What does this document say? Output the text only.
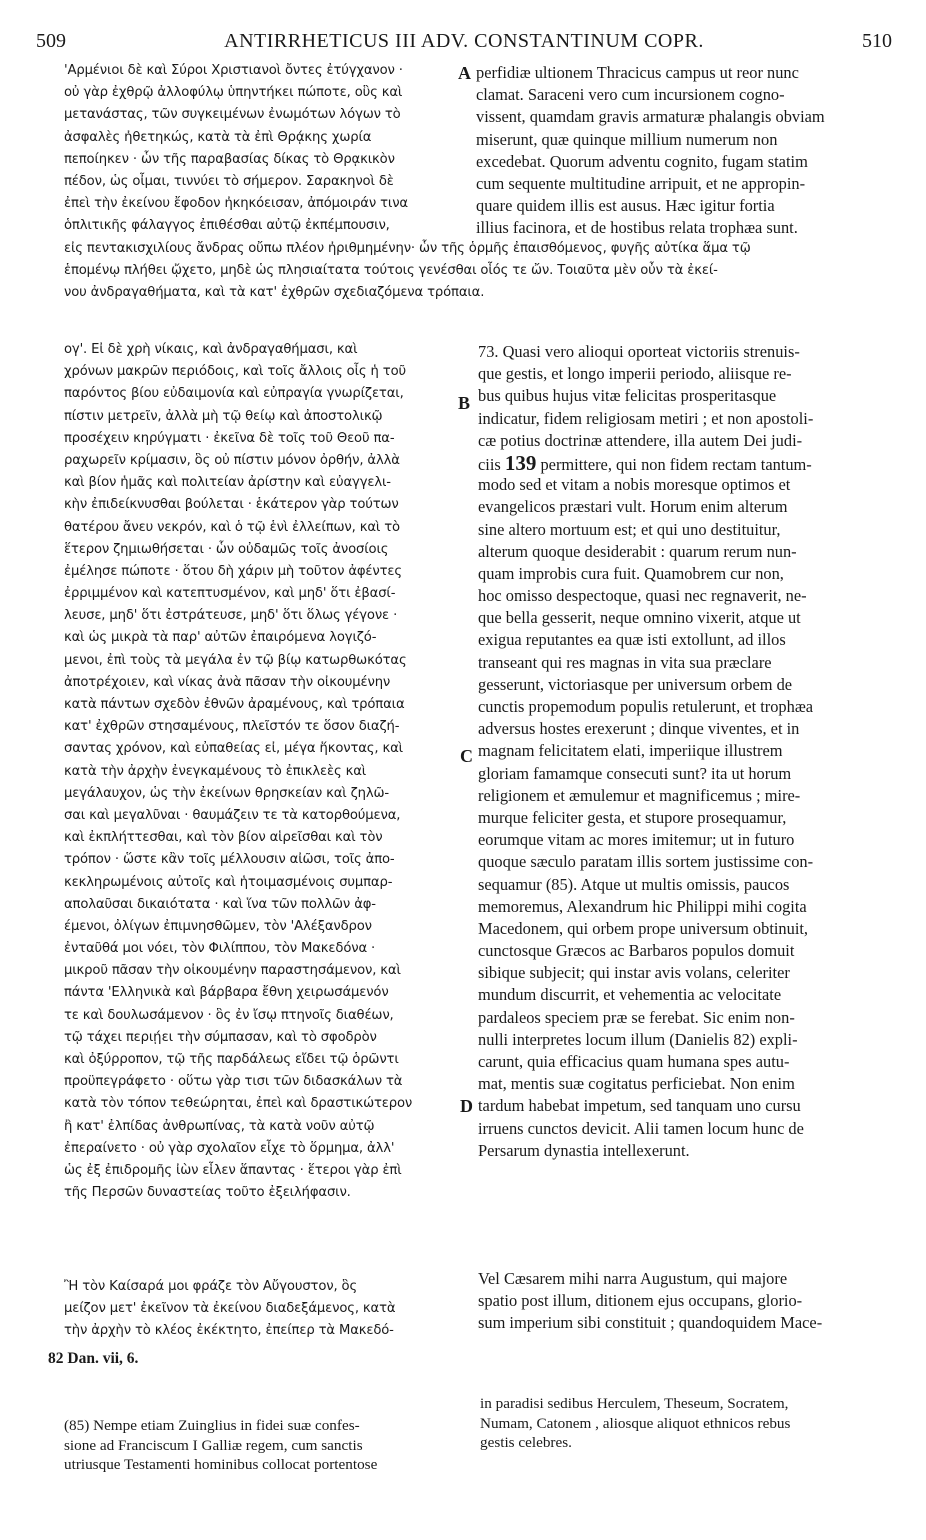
509	ANTIRRHETICUS III ADV. CONSTANTINUM COPR.	510
'Αρμένιοι δὲ καὶ Σύροι Χριστιανοὶ ὄντες ἐτύγχανον ·
οὐ γὰρ ἐχθρῷ ἀλλοφύλῳ ὑπηντήκει πώποτε, οὓς καὶ
μετανάστας, τῶν συγκειμένων ἐνωμότων λόγων τὸ
ἀσφαλὲς ἠθετηκώς, κατὰ τὰ ἐπὶ Θρᾴκης χωρία
πεποίηκεν · ὧν τῆς παραβασίας δίκας τὸ Θρᾳκικὸν
πέδον, ὡς οἶμαι, τιννύει τὸ σήμερον. Σαρακηνοὶ δὲ
ἐπεὶ τὴν ἐκείνου ἔφοδον ἠκηκόεισαν, ἀπόμοιράν τινα
ὁπλιτικῆς φάλαγγος ἐπιθέσθαι αὐτῷ ἐκπέμπουσιν,
A perfidiæ ultionem Thracicus campus ut reor nunc
clamat. Saraceni vero cum incursionem cogno-
vissent, quamdam gravis armaturæ phalangis obviam
miserunt, quæ quinque millium numerum non
excedebat. Quorum adventu cognito, fugam statim
cum sequente multitudine arripuit, et ne appropin-
quare quidem illis est ausus. Hæc igitur fortia
illius facinora, et de hostibus relata trophæa sunt.
εἰς πεντακισχιλίους ἄνδρας οὔπω πλέον ἠριθμημένην· ὧν τῆς ὁρμῆς ἐπαισθόμενος, φυγῆς αὐτίκα ἅμα τῷ
ἑπομένῳ πλήθει ᾤχετο, μηδὲ ὡς πλησιαίτατα τούτοις γενέσθαι οἷός τε ὤν. Τοιαῦτα μὲν οὖν τὰ ἐκεί-
νου ἀνδραγαθήματα, καὶ τὰ κατ' ἐχθρῶν σχεδιαζόμενα τρόπαια.
ογ'. Εἰ δὲ χρὴ νίκαις, καὶ ἀνδραγαθήμασι, καὶ
χρόνων μακρῶν περιόδοις, καὶ τοῖς ἄλλοις οἷς ἡ τοῦ
παρόντος βίου εὐδαιμονία καὶ εὐπραγία γνωρίζεται,
πίστιν μετρεῖν, ἀλλὰ μὴ τῷ θείῳ καὶ ἀποστολικῷ
προσέχειν κηρύγματι · ἐκεῖνα δὲ τοῖς τοῦ Θεοῦ πα-
ραχωρεῖν κρίμασιν, ὃς οὐ πίστιν μόνον ὀρθήν, ἀλλὰ
καὶ βίον ἡμᾶς καὶ πολιτείαν ἀρίστην καὶ εὐαγγελι-
κὴν ἐπιδείκνυσθαι βούλεται · ἑκάτερον γὰρ τούτων
θατέρου ἄνευ νεκρόν, καὶ ὁ τῷ ἑνὶ ἐλλείπων, καὶ τὸ
ἕτερον ζημιωθήσεται · ὧν οὐδαμῶς τοῖς ἀνοσίοις
ἐμέλησε πώποτε · ὅτου δὴ χάριν μὴ τοῦτον ἀφέντες
ἐρριμμένον καὶ κατεπτυσμένον, καὶ μηδ' ὅτι ἐβασί-
λευσε, μηδ' ὅτι ἐστράτευσε, μηδ' ὅτι ὅλως γέγονε ·
καὶ ὡς μικρὰ τὰ παρ' αὐτῶν ἐπαιρόμενα λογιζό-
μενοι, ἐπὶ τοὺς τὰ μεγάλα ἐν τῷ βίῳ κατωρθωκότας
ἀποτρέχοιεν, καὶ νίκας ἀνὰ πᾶσαν τὴν οἰκουμένην
κατὰ πάντων σχεδὸν ἐθνῶν ἀραμένους, καὶ τρόπαια
κατ' ἐχθρῶν στησαμένους, πλεῖστόν τε ὅσον διαζή-
σαντας χρόνον, καὶ εὐπαθείας εἰ, μέγα ἥκοντας, καὶ
κατὰ τὴν ἀρχὴν ἐνεγκαμένους τὸ ἐπικλεὲς καὶ
μεγάλαυχον, ὡς τὴν ἐκείνων θρησκείαν καὶ ζηλῶ-
σαι καὶ μεγαλῦναι · θαυμάζειν τε τὰ κατορθούμενα,
καὶ ἐκπλήττεσθαι, καὶ τὸν βίον αἱρεῖσθαι καὶ τὸν
τρόπον · ὥστε κἂν τοῖς μέλλουσιν αἰῶσι, τοῖς ἀπο-
κεκληρωμένοις αὐτοῖς καὶ ἡτοιμασμένοις συμπαρ-
απολαῦσαι δικαιότατα · καὶ ἵνα τῶν πολλῶν ἀφ-
έμενοι, ὀλίγων ἐπιμνησθῶμεν, τὸν 'Αλέξανδρον
ἐνταῦθά μοι νόει, τὸν Φιλίππου, τὸν Μακεδόνα ·
μικροῦ πᾶσαν τὴν οἰκουμένην παραστησάμενον, καὶ
πάντα 'Ελληνικὰ καὶ βάρβαρα ἔθνη χειρωσάμενόν
τε καὶ δουλωσάμενον · ὃς ἐν ἴσῳ πτηνοῖς διαθέων,
τῷ τάχει περιῄει τὴν σύμπασαν, καὶ τὸ σφοδρὸν
καὶ ὀξύρροπον, τῷ τῆς παρδάλεως εἴδει τῷ ὁρῶντι
προϋπεγράφετο · οὕτω γὰρ τισι τῶν διδασκάλων τὰ
κατὰ τὸν τόπον τεθεώρηται, ἐπεὶ καὶ δραστικώτερον
ἢ κατ' ἐλπίδας ἀνθρωπίνας, τὰ κατὰ νοῦν αὐτῷ
ἐπεραίνετο · οὐ γὰρ σχολαῖον εἶχε τὸ ὅρμημα, ἀλλ'
ὡς ἐξ ἐπιδρομῆς ἰὼν εἷλεν ἅπαντας · ἕτεροι γὰρ ἐπὶ
τῆς Περσῶν δυναστείας τοῦτο ἐξειλήφασιν.
Ἢ τὸν Καίσαρά μοι φράζε τὸν Αὔγουστον, ὃς
μείζον μετ' ἐκεῖνον τὰ ἐκείνου διαδεξάμενος, κατὰ
τὴν ἀρχὴν τὸ κλέος ἐκέκτητο, ἐπείπερ τὰ Μακεδό-
B
C
D
73. Quasi vero alioqui oporteat victoriis strenuis-
que gestis, et longo imperii periodo, aliisque re-
bus quibus hujus vitæ felicitas prosperitasque
indicatur, fidem religiosam metiri ; et non apostoli-
cæ potius doctrinæ attendere, illa autem Dei judi-
ciis 139 permittere, qui non fidem rectam tantum-
modo sed et vitam a nobis moresque optimos et
evangelicos præstari vult. Horum enim alterum
sine altero mortuum est; et qui uno destituitur,
alterum quoque desiderabit : quarum rerum nun-
quam improbis cura fuit. Quamobrem cur non,
hoc omisso despectoque, quasi nec regnaverit, ne-
que bella gesserit, neque omnino vixerit, atque ut
exigua reputantes ea quæ isti extollunt, ad illos
transeant qui res magnas in vita sua præclare
gesserunt, victoriasque per universum orbem de
cunctis propemodum populis retulerunt, et trophæa
adversus hostes erexerunt ; dinque viventes, et in
magnam felicitatem elati, imperiique illustrem
gloriam famamque consecuti sunt? ita ut horum
religionem et æmulemur et magnificemus ; mire-
murque feliciter gesta, et stupore prosequamur,
eorumque vitam ac mores imitemur; ut in futuro
quoque sæculo paratam illis sortem justissime con-
sequamur (85). Atque ut multis omissis, paucos
memoremus, Alexandrum hic Philippi mihi cogita
Macedonem, qui orbem prope universum obtinuit,
cunctosque Græcos ac Barbaros populos domuit
sibique subjecit; qui instar avis volans, celeriter
mundum discurrit, et vehementia ac velocitate
pardaleos speciem præ se ferebat. Sic enim non-
nulli interpretes locum illum (Danielis 82) expli-
carunt, quia efficacius quam humana spes autu-
mat, mentis suæ cogitatus perficiebat. Non enim
tardum habebat impetum, sed tanquam uno cursu
irruens cunctos devicit. Alii tamen locum hunc de
Persarum dynastia intellexerunt.
Vel Cæsarem mihi narra Augustum, qui majore
spatio post illum, ditionem ejus occupans, glorio-
sum imperium sibi constituit ; quandoquidem Mace-
82 Dan. vii, 6.
(85) Nempe etiam Zuinglius in fidei suæ confes-
sione ad Franciscum I Galliæ regem, cum sanctis
utriusque Testamenti hominibus collocat portentose
in paradisi sedibus Herculem, Theseum, Socratem,
Numam, Catonem , aliosque aliquot ethnicos rebus
gestis celebres.
